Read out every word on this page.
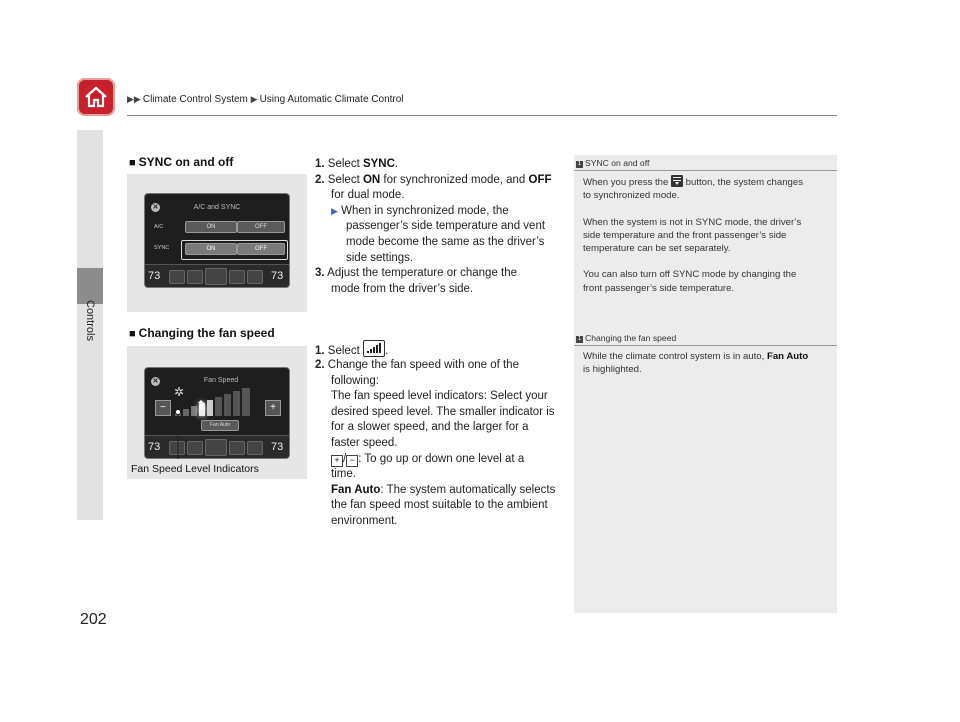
▶▶ Climate Control System ▶ Using Automatic Climate Control
Controls
202
■ SYNC on and off
✕	A/C and SYNC
A/C	ON	OFF
SYNC	ON	OFF
73	73
1. Select SYNC.
2. Select ON for synchronized mode, and OFF
for dual mode.
▶ When in synchronized mode, the
passenger’s side temperature and vent
mode become the same as the driver’s
side settings.
3. Adjust the temperature or change the
mode from the driver’s side.
■ Changing the fan speed
✕
✲
Fan Speed
−	+
Fan Auto
⬆
73	73
Fan Speed Level Indicators
1. Select .
2. Change the fan speed with one of the
following:
The fan speed level indicators: Select your
desired speed level. The smaller indicator is
for a slower speed, and the larger for a
faster speed.
+ / − : To go up or down one level at a
time.
Fan Auto: The system automatically selects
the fan speed most suitable to the ambient
environment.
1 SYNC on and off
When you press the button, the system changes
to synchronized mode.
When the system is not in SYNC mode, the driver’s
side temperature and the front passenger’s side
temperature can be set separately.
You can also turn off SYNC mode by changing the
front passenger’s side temperature.
1 Changing the fan speed
While the climate control system is in auto, Fan Auto
is highlighted.
